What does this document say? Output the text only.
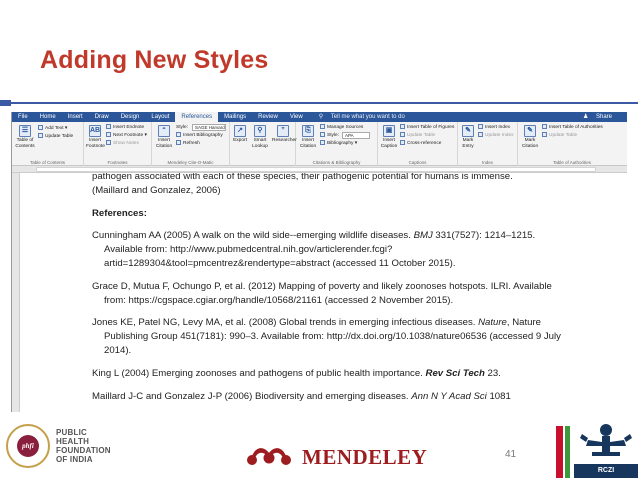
Adding New Styles
File	Home	Insert	Draw	Design	Layout	References	Mailings	Review	View	⚲ Tell me what you want to do	♟ Share
☰
Table of Contents
Add Text ▾
Update Table
Table of Contents
AB
Insert Footnote
Insert Endnote
Next Footnote ▾
Show Notes
Footnotes
“
Insert Citation
Style:	SAGE Harvard
Insert Bibliography
Refresh
Mendeley Cite-O-Matic
↗
Export
⚲
Smart Lookup
”
Researcher
⎘
Insert Citation
Manage Sources
Style:	APA
Bibliography ▾
Citations & Bibliography
▣
Insert Caption
Insert Table of Figures
Update Table
Cross-reference
Captions
✎
Mark Entry
Insert Index
Update Index
Index
✎
Mark Citation
Insert Table of Authorities
Update Table
Table of Authorities

pathogen associated with each of these species, their pathogenic potential for humans is immense.

(Maillard and Gonzalez, 2006)

References:

Cunningham AA (2005) A walk on the wild side--emerging wildlife diseases. BMJ 331(7527): 1214–1215. Available from: http://www.pubmedcentral.nih.gov/articlerender.fcgi?artid=1289304&tool=pmcentrez&rendertype=abstract (accessed 11 October 2015).

Grace D, Mutua F, Ochungo P, et al. (2012) Mapping of poverty and likely zoonoses hotspots. ILRI. Available from: https://cgspace.cgiar.org/handle/10568/21161 (accessed 2 November 2015).

Jones KE, Patel NG, Levy MA, et al. (2008) Global trends in emerging infectious diseases. Nature, Nature Publishing Group 451(7181): 990–3. Available from: http://dx.doi.org/10.1038/nature06536 (accessed 9 July 2014).

King L (2004) Emerging zoonoses and pathogens of public health importance. Rev Sci Tech 23.

Maillard J-C and Gonzalez J-P (2006) Biodiversity and emerging diseases. Ann N Y Acad Sci 1081

phfi
PUBLIC
HEALTH
FOUNDATION
OF INDIA	MENDELEY	41
RCZI
